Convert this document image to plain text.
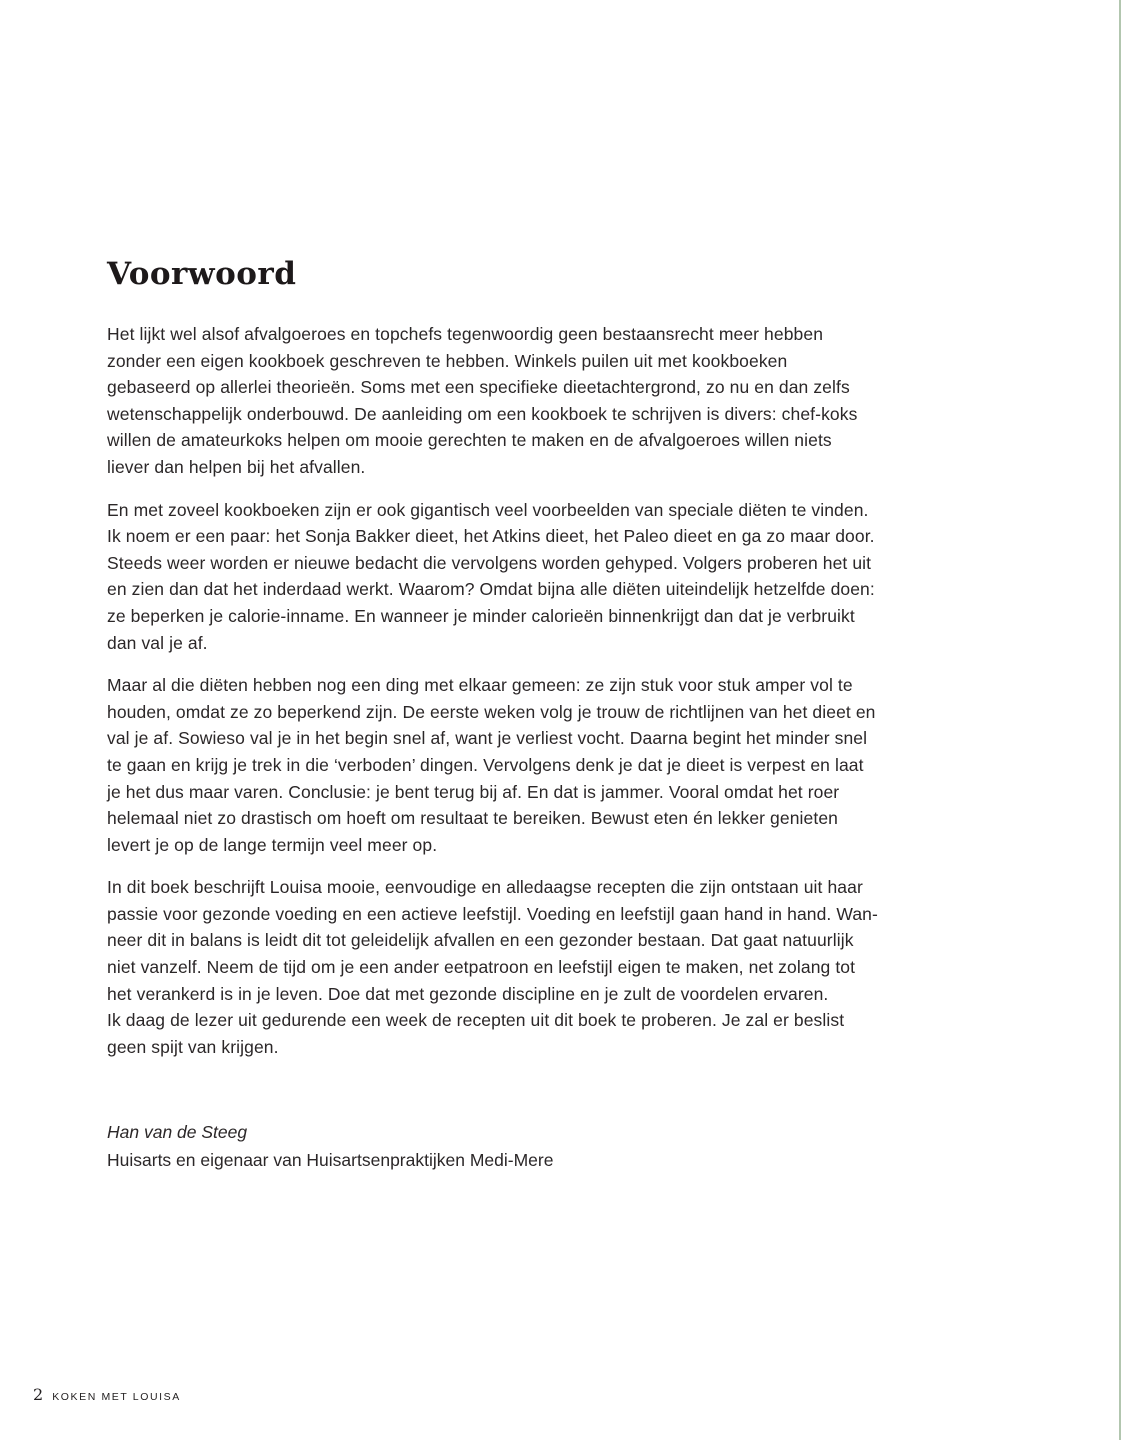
Voorwoord

Het lijkt wel alsof afvalgoeroes en topchefs tegenwoordig geen bestaansrecht meer hebben
zonder een eigen kookboek geschreven te hebben. Winkels puilen uit met kookboeken
gebaseerd op allerlei theorieën. Soms met een specifieke dieetachtergrond, zo nu en dan zelfs
wetenschappelijk onderbouwd. De aanleiding om een kookboek te schrijven is divers: chef-koks
willen de amateurkoks helpen om mooie gerechten te maken en de afvalgoeroes willen niets
liever dan helpen bij het afvallen.

En met zoveel kookboeken zijn er ook gigantisch veel voorbeelden van speciale diëten te vinden.
Ik noem er een paar: het Sonja Bakker dieet, het Atkins dieet, het Paleo dieet en ga zo maar door.
Steeds weer worden er nieuwe bedacht die vervolgens worden gehyped. Volgers proberen het uit
en zien dan dat het inderdaad werkt. Waarom? Omdat bijna alle diëten uiteindelijk hetzelfde doen:
ze beperken je calorie-inname. En wanneer je minder calorieën binnenkrijgt dan dat je verbruikt
dan val je af.

Maar al die diëten hebben nog een ding met elkaar gemeen: ze zijn stuk voor stuk amper vol te
houden, omdat ze zo beperkend zijn. De eerste weken volg je trouw de richtlijnen van het dieet en
val je af. Sowieso val je in het begin snel af, want je verliest vocht. Daarna begint het minder snel
te gaan en krijg je trek in die ‘verboden’ dingen. Vervolgens denk je dat je dieet is verpest en laat
je het dus maar varen. Conclusie: je bent terug bij af. En dat is jammer. Vooral omdat het roer
helemaal niet zo drastisch om hoeft om resultaat te bereiken. Bewust eten én lekker genieten
levert je op de lange termijn veel meer op.

In dit boek beschrijft Louisa mooie, eenvoudige en alledaagse recepten die zijn ontstaan uit haar
passie voor gezonde voeding en een actieve leefstijl. Voeding en leefstijl gaan hand in hand. Wan-
neer dit in balans is leidt dit tot geleidelijk afvallen en een gezonder bestaan. Dat gaat natuurlijk
niet vanzelf. Neem de tijd om je een ander eetpatroon en leefstijl eigen te maken, net zolang tot
het verankerd is in je leven. Doe dat met gezonde discipline en je zult de voordelen ervaren.
Ik daag de lezer uit gedurende een week de recepten uit dit boek te proberen. Je zal er beslist
geen spijt van krijgen.

Han van de Steeg

Huisarts en eigenaar van Huisartsenpraktijken Medi-Mere

2 KOKEN MET LOUISA
